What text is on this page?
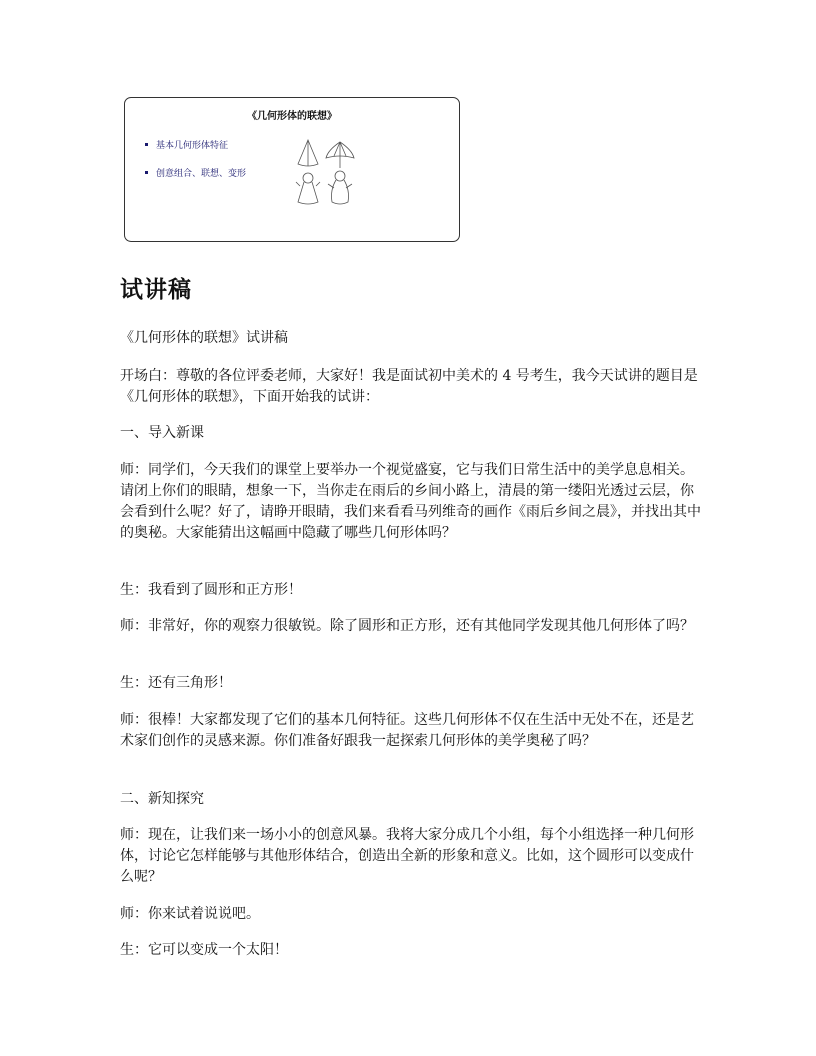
《几何形体的联想》
基本几何形体特征
创意组合、联想、变形
试讲稿

《几何形体的联想》试讲稿

开场白：尊敬的各位评委老师，大家好！我是面试初中美术的 4 号考生，我今天试讲的题目是《几何形体的联想》，下面开始我的试讲：

一、导入新课

师：同学们，今天我们的课堂上要举办一个视觉盛宴，它与我们日常生活中的美学息息相关。请闭上你们的眼睛，想象一下，当你走在雨后的乡间小路上，清晨的第一缕阳光透过云层，你会看到什么呢？好了，请睁开眼睛，我们来看看马列维奇的画作《雨后乡间之晨》，并找出其中的奥秘。大家能猜出这幅画中隐藏了哪些几何形体吗？

生：我看到了圆形和正方形！

师：非常好，你的观察力很敏锐。除了圆形和正方形，还有其他同学发现其他几何形体了吗？

生：还有三角形！

师：很棒！大家都发现了它们的基本几何特征。这些几何形体不仅在生活中无处不在，还是艺术家们创作的灵感来源。你们准备好跟我一起探索几何形体的美学奥秘了吗？

二、新知探究

师：现在，让我们来一场小小的创意风暴。我将大家分成几个小组，每个小组选择一种几何形体，讨论它怎样能够与其他形体结合，创造出全新的形象和意义。比如，这个圆形可以变成什么呢？

师：你来试着说说吧。

生：它可以变成一个太阳！
